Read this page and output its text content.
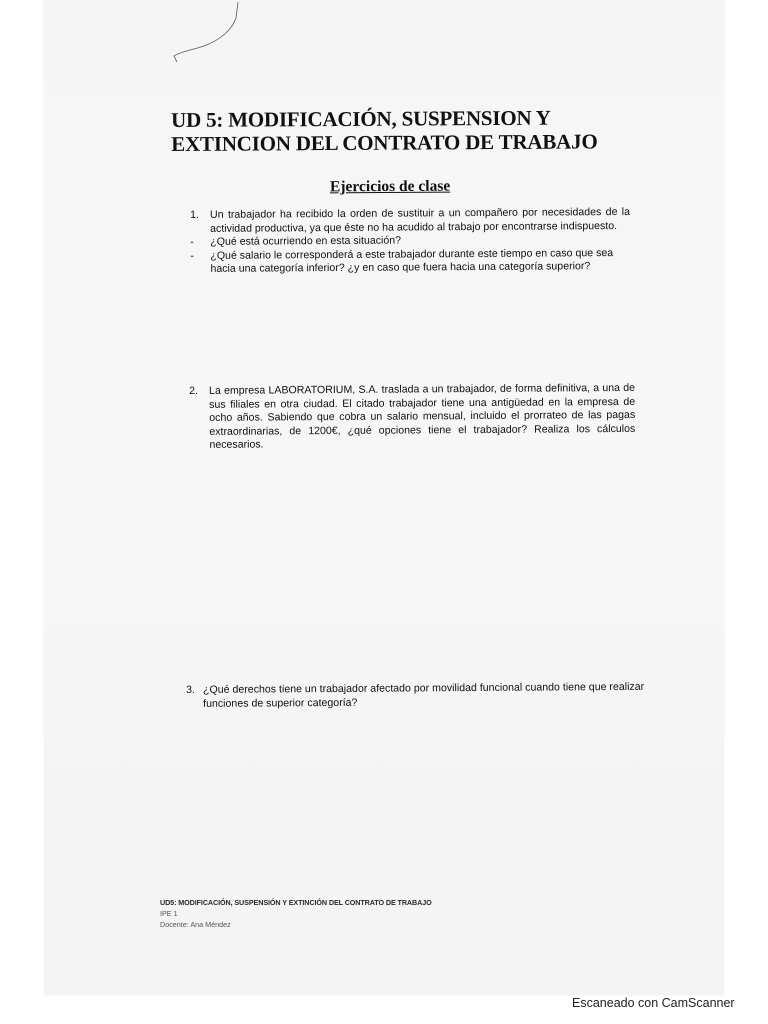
UD 5: MODIFICACIÓN, SUSPENSION Y
EXTINCION DEL CONTRATO DE TRABAJO
Ejercicios de clase
1. Un trabajador ha recibido la orden de sustituir a un compañero por necesidades de la actividad productiva, ya que éste no ha acudido al trabajo por encontrarse indispuesto.

- ¿Qué está ocurriendo en esta situación?

- ¿Qué salario le corresponderá a este trabajador durante este tiempo en caso que sea hacia una categoría inferior? ¿y en caso que fuera hacia una categoría superior?

2. La empresa LABORATORIUM, S.A. traslada a un trabajador, de forma definitiva, a una de sus filiales en otra ciudad. El citado trabajador tiene una antigüedad en la empresa de ocho años. Sabiendo que cobra un salario mensual, incluido el prorrateo de las pagas extraordinarias, de 1200€, ¿qué opciones tiene el trabajador? Realiza los cálculos necesarios.

3. ¿Qué derechos tiene un trabajador afectado por movilidad funcional cuando tiene que realizar funciones de superior categoría?

UD5: MODIFICACIÓN, SUSPENSIÓN Y EXTINCIÓN DEL CONTRATO DE TRABAJO
IPE 1
Docente: Ana Méndez
Escaneado con CamScanner
